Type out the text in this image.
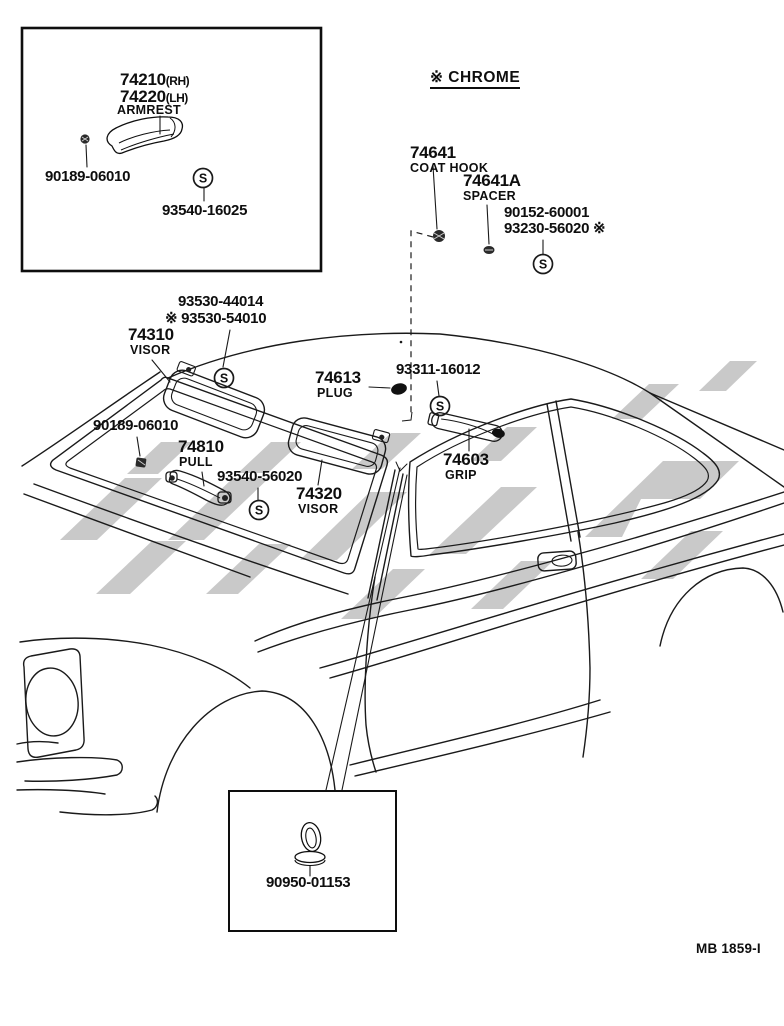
S
S
S
S
S
74210(RH)
74220(LH)
ARMREST
90189-06010
93540-16025
※ CHROME
74641
COAT HOOK
74641A
SPACER
90152-60001
93230-56020 ※
93530-44014
※ 93530-54010
74310
VISOR
74613
PLUG
93311-16012
90189-06010
74810
PULL
93540-56020
74320
VISOR
74603
GRIP
90950-01153
MB 1859-I
